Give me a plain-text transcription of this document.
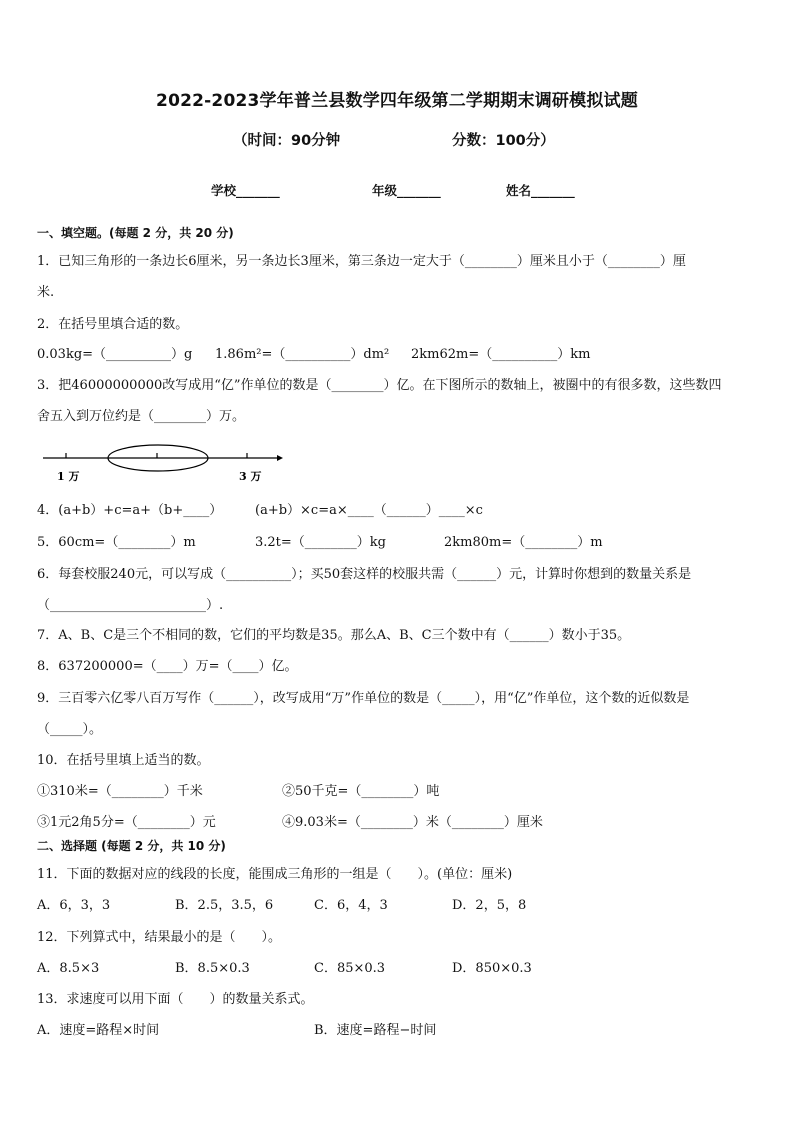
2022-2023学年普兰县数学四年级第二学期期末调研模拟试题
（时间：90分钟	分数：100分）
学校_______	年级_______	姓名_______
一、填空题。(每题 2 分，共 20 分)
1．已知三角形的一条边长6厘米，另一条边长3厘米，第三条边一定大于（________）厘米且小于（________）厘
米.
2．在括号里填合适的数。
0.03kg=（__________）g 1.86m²=（__________）dm² 2km62m=（__________）km
3．把46000000000改写成用“亿”作单位的数是（________）亿。在下图所示的数轴上，被圈中的有很多数，这些数四
舍五入到万位约是（________）万。
1 万	3 万
4．(a+b）+c=a+（b+____）	(a+b）×c=a×____（______）____×c
5．60cm=（________）m	3.2t=（________）kg	2km80m=（________）m
6．每套校服240元，可以写成（__________）；买50套这样的校服共需（______）元，计算时你想到的数量关系是
（________________________）.
7．A、B、C是三个不相同的数，它们的平均数是35。那么A、B、C三个数中有（______）数小于35。
8．637200000=（____）万=（____）亿。
9．三百零六亿零八百万写作（______），改写成用“万”作单位的数是（_____），用“亿”作单位，这个数的近似数是
（_____）。
10．在括号里填上适当的数。
①310米=（________）千米	②50千克=（________）吨
③1元2角5分=（________）元	④9.03米=（________）米（________）厘米
二、选择题 (每题 2 分，共 10 分)
11．下面的数据对应的线段的长度，能围成三角形的一组是（　　）。(单位：厘米)
A．6，3，3	B．2.5，3.5，6	C．6，4，3	D．2，5，8
12．下列算式中，结果最小的是（　　）。
A．8.5×3	B．8.5×0.3	C．85×0.3	D．850×0.3
13．求速度可以用下面（　　）的数量关系式。
A．速度=路程×时间	B．速度=路程−时间
